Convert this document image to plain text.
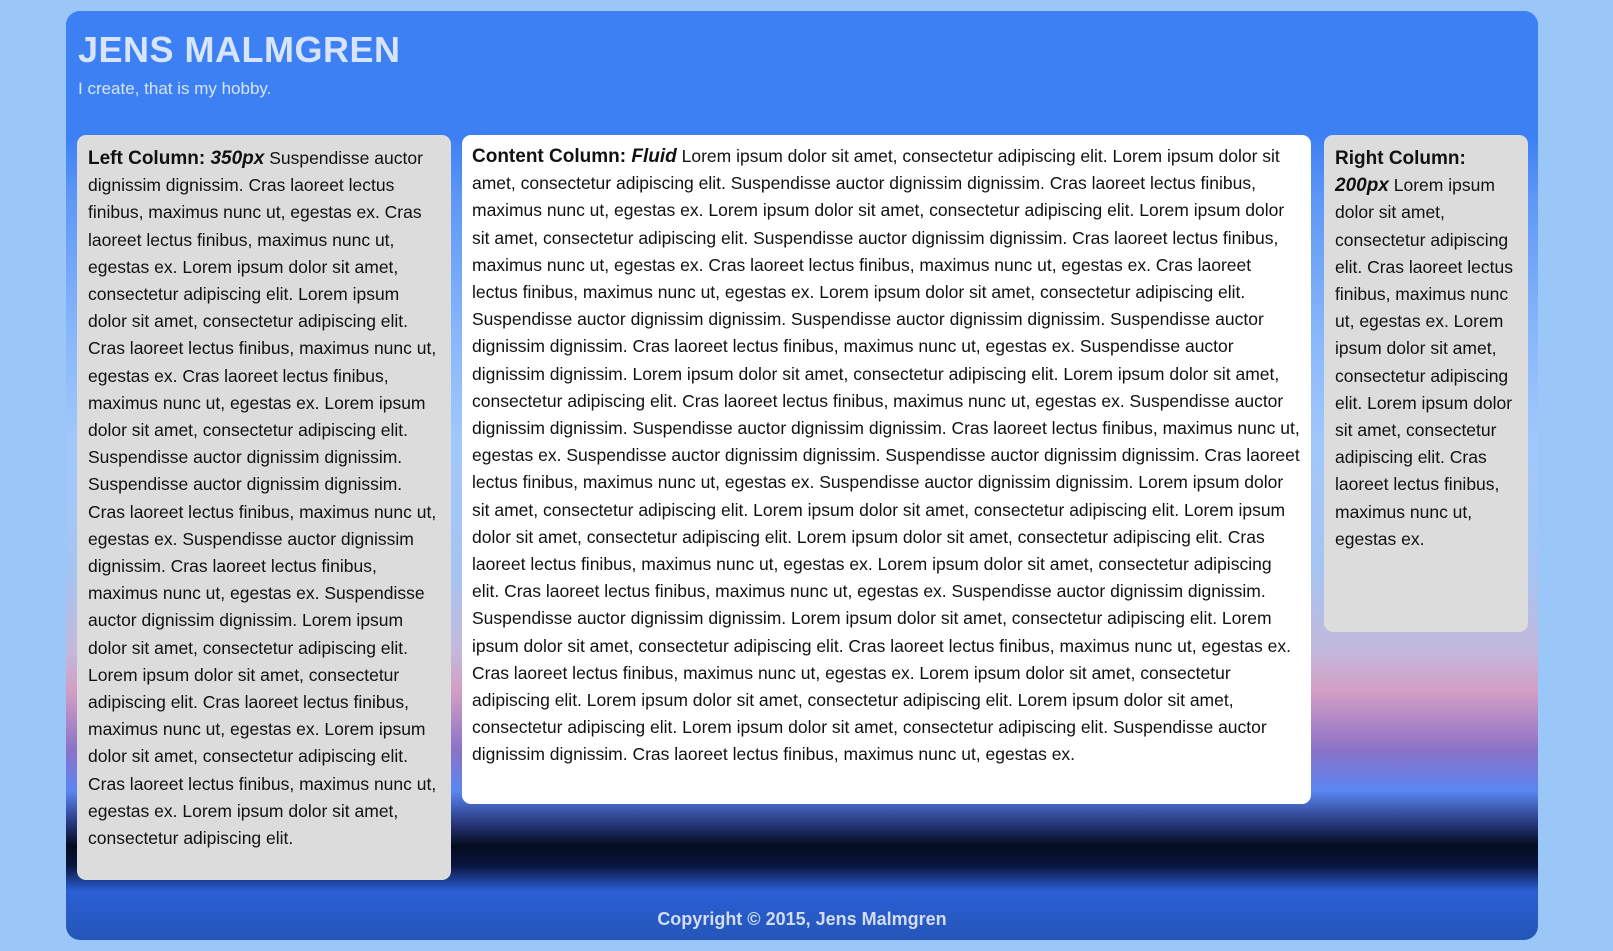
JENS MALMGREN

I create, that is my hobby.

Left Column: 350px Suspendisse auctor dignissim dignissim. Cras laoreet lectus finibus, maximus nunc ut, egestas ex. Cras laoreet lectus finibus, maximus nunc ut, egestas ex. Lorem ipsum dolor sit amet, consectetur adipiscing elit. Lorem ipsum dolor sit amet, consectetur adipiscing elit. Cras laoreet lectus finibus, maximus nunc ut, egestas ex. Cras laoreet lectus finibus, maximus nunc ut, egestas ex. Lorem ipsum dolor sit amet, consectetur adipiscing elit. Suspendisse auctor dignissim dignissim. Suspendisse auctor dignissim dignissim. Cras laoreet lectus finibus, maximus nunc ut, egestas ex. Suspendisse auctor dignissim dignissim. Cras laoreet lectus finibus, maximus nunc ut, egestas ex. Suspendisse auctor dignissim dignissim. Lorem ipsum dolor sit amet, consectetur adipiscing elit. Lorem ipsum dolor sit amet, consectetur adipiscing elit. Cras laoreet lectus finibus, maximus nunc ut, egestas ex. Lorem ipsum dolor sit amet, consectetur adipiscing elit. Cras laoreet lectus finibus, maximus nunc ut, egestas ex. Lorem ipsum dolor sit amet, consectetur adipiscing elit.
Content Column: Fluid Lorem ipsum dolor sit amet, consectetur adipiscing elit. Lorem ipsum dolor sit amet, consectetur adipiscing elit. Suspendisse auctor dignissim dignissim. Cras laoreet lectus finibus, maximus nunc ut, egestas ex. Lorem ipsum dolor sit amet, consectetur adipiscing elit. Lorem ipsum dolor sit amet, consectetur adipiscing elit. Suspendisse auctor dignissim dignissim. Cras laoreet lectus finibus, maximus nunc ut, egestas ex. Cras laoreet lectus finibus, maximus nunc ut, egestas ex. Cras laoreet lectus finibus, maximus nunc ut, egestas ex. Lorem ipsum dolor sit amet, consectetur adipiscing elit. Suspendisse auctor dignissim dignissim. Suspendisse auctor dignissim dignissim. Suspendisse auctor dignissim dignissim. Cras laoreet lectus finibus, maximus nunc ut, egestas ex. Suspendisse auctor dignissim dignissim. Lorem ipsum dolor sit amet, consectetur adipiscing elit. Lorem ipsum dolor sit amet, consectetur adipiscing elit. Cras laoreet lectus finibus, maximus nunc ut, egestas ex. Suspendisse auctor dignissim dignissim. Suspendisse auctor dignissim dignissim. Cras laoreet lectus finibus, maximus nunc ut, egestas ex. Suspendisse auctor dignissim dignissim. Suspendisse auctor dignissim dignissim. Cras laoreet lectus finibus, maximus nunc ut, egestas ex. Suspendisse auctor dignissim dignissim. Lorem ipsum dolor sit amet, consectetur adipiscing elit. Lorem ipsum dolor sit amet, consectetur adipiscing elit. Lorem ipsum dolor sit amet, consectetur adipiscing elit. Lorem ipsum dolor sit amet, consectetur adipiscing elit. Cras laoreet lectus finibus, maximus nunc ut, egestas ex. Lorem ipsum dolor sit amet, consectetur adipiscing elit. Cras laoreet lectus finibus, maximus nunc ut, egestas ex. Suspendisse auctor dignissim dignissim. Suspendisse auctor dignissim dignissim. Lorem ipsum dolor sit amet, consectetur adipiscing elit. Lorem ipsum dolor sit amet, consectetur adipiscing elit. Cras laoreet lectus finibus, maximus nunc ut, egestas ex. Cras laoreet lectus finibus, maximus nunc ut, egestas ex. Lorem ipsum dolor sit amet, consectetur adipiscing elit. Lorem ipsum dolor sit amet, consectetur adipiscing elit. Lorem ipsum dolor sit amet, consectetur adipiscing elit. Lorem ipsum dolor sit amet, consectetur adipiscing elit. Suspendisse auctor dignissim dignissim. Cras laoreet lectus finibus, maximus nunc ut, egestas ex.
Right Column: 200px Lorem ipsum dolor sit amet, consectetur adipiscing elit. Cras laoreet lectus finibus, maximus nunc ut, egestas ex. Lorem ipsum dolor sit amet, consectetur adipiscing elit. Lorem ipsum dolor sit amet, consectetur adipiscing elit. Cras laoreet lectus finibus, maximus nunc ut, egestas ex.
Copyright © 2015, Jens Malmgren
